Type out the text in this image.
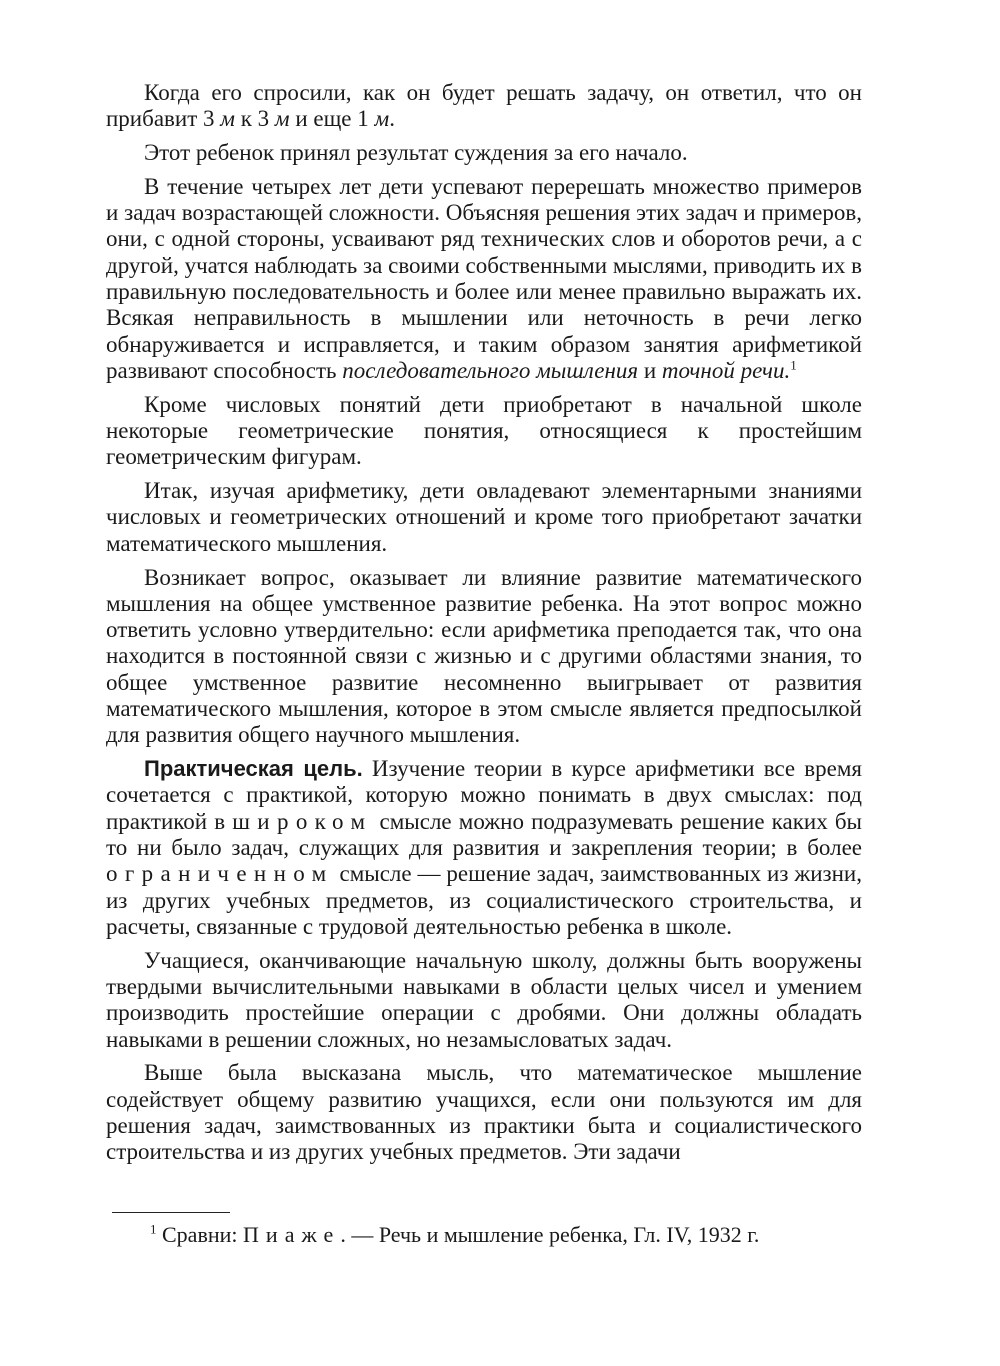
Когда его спросили, как он будет решать задачу, он ответил, что он прибавит 3 м к 3 м и еще 1 м.

Этот ребенок принял результат суждения за его начало.

В течение четырех лет дети успевают перерешать множество примеров и задач возрастающей сложности. Объясняя решения этих задач и примеров, они, с одной стороны, усваивают ряд технических слов и оборотов речи, а с другой, учатся наблюдать за своими собственными мыслями, приводить их в правильную последовательность и более или менее правильно выражать их. Всякая неправильность в мышлении или неточность в речи легко обнаруживается и исправляется, и таким образом занятия арифметикой развивают способность последовательного мышления и точной речи.$^1$

Кроме числовых понятий дети приобретают в начальной школе некоторые геометрические понятия, относящиеся к простейшим геометрическим фигурам.

Итак, изучая арифметику, дети овладевают элементарными знаниями числовых и геометрических отношений и кроме того приобретают зачатки математического мышления.

Возникает вопрос, оказывает ли влияние развитие математического мышления на общее умственное развитие ребенка. На этот вопрос можно ответить условно утвердительно: если арифметика преподается так, что она находится в постоянной связи с жизнью и с другими областями знания, то общее умственное развитие несомненно выигрывает от развития математического мышления, которое в этом смысле является предпосылкой для развития общего научного мышления.

Практическая цель. Изучение теории в курсе арифметики все время сочетается с практикой, которую можно понимать в двух смыслах: под практикой в широком смысле можно подразумевать решение каких бы то ни было задач, служащих для развития и закрепления теории; в более ограниченном смысле — решение задач, заимствованных из жизни, из других учебных предметов, из социалистического строительства, и расчеты, связанные с трудовой деятельностью ребенка в школе.

Учащиеся, оканчивающие начальную школу, должны быть вооружены твердыми вычислительными навыками в области целых чисел и умением производить простейшие операции с дробями. Они должны обладать навыками в решении сложных, но незамысловатых задач.

Выше была высказана мысль, что математическое мышление содействует общему развитию учащихся, если они пользуются им для решения задач, заимствованных из практики быта и социалистического строительства и из других учебных предметов. Эти задачи

$^1$ Сравни: Пиаже. — Речь и мышление ребенка, Гл. IV, 1932 г.
